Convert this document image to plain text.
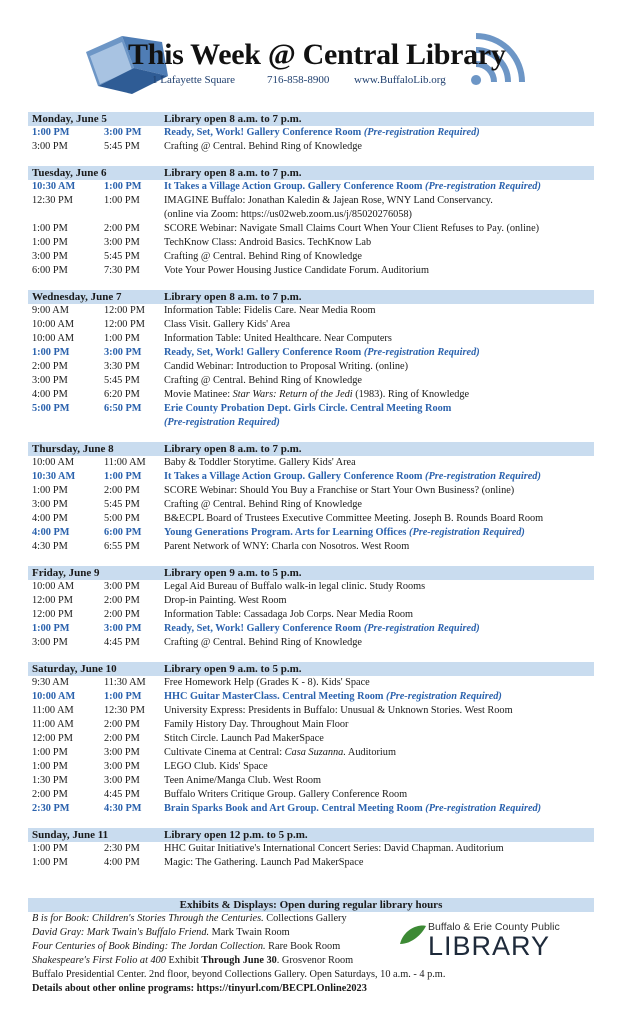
This Week @ Central Library
1 Lafayette Square	716-858-8900 www.BuffaloLib.org
Monday, June 5	Library open 8 a.m. to 7 p.m.
1:00 PM	3:00 PM Ready, Set, Work! Gallery Conference Room (Pre-registration Required)
3:00 PM	5:45 PM Crafting @ Central. Behind Ring of Knowledge
Tuesday, June 6	Library open 8 a.m. to 7 p.m.
10:30 AM	1:00 PM It Takes a Village Action Group. Gallery Conference Room (Pre-registration Required)
12:30 PM	1:00 PM IMAGINE Buffalo: Jonathan Kaledin & Jajean Rose, WNY Land Conservancy.
(online via Zoom: https://us02web.zoom.us/j/85020276058)
1:00 PM	2:00 PM SCORE Webinar: Navigate Small Claims Court When Your Client Refuses to Pay. (online)
1:00 PM	3:00 PM TechKnow Class: Android Basics. TechKnow Lab
3:00 PM	5:45 PM Crafting @ Central. Behind Ring of Knowledge
6:00 PM	7:30 PM Vote Your Power Housing Justice Candidate Forum. Auditorium
Wednesday, June 7	Library open 8 a.m. to 7 p.m.
9:00 AM	12:00 PM Information Table: Fidelis Care. Near Media Room
10:00 AM	12:00 PM Class Visit. Gallery Kids' Area
10:00 AM	1:00 PM Information Table: United Healthcare. Near Computers
1:00 PM	3:00 PM Ready, Set, Work! Gallery Conference Room (Pre-registration Required)
2:00 PM	3:30 PM Candid Webinar: Introduction to Proposal Writing. (online)
3:00 PM	5:45 PM Crafting @ Central. Behind Ring of Knowledge
4:00 PM	6:20 PM Movie Matinee: Star Wars: Return of the Jedi (1983). Ring of Knowledge
5:00 PM	6:50 PM Erie County Probation Dept. Girls Circle. Central Meeting Room
(Pre-registration Required)
Thursday, June 8	Library open 8 a.m. to 7 p.m.
10:00 AM	11:00 AM Baby & Toddler Storytime. Gallery Kids' Area
10:30 AM	1:00 PM It Takes a Village Action Group. Gallery Conference Room (Pre-registration Required)
1:00 PM	2:00 PM SCORE Webinar: Should You Buy a Franchise or Start Your Own Business? (online)
3:00 PM	5:45 PM Crafting @ Central. Behind Ring of Knowledge
4:00 PM	5:00 PM B&ECPL Board of Trustees Executive Committee Meeting. Joseph B. Rounds Board Room
4:00 PM	6:00 PM Young Generations Program. Arts for Learning Offices (Pre-registration Required)
4:30 PM	6:55 PM Parent Network of WNY: Charla con Nosotros. West Room
Friday, June 9	Library open 9 a.m. to 5 p.m.
10:00 AM	3:00 PM Legal Aid Bureau of Buffalo walk-in legal clinic. Study Rooms
12:00 PM	2:00 PM Drop-in Painting. West Room
12:00 PM	2:00 PM Information Table: Cassadaga Job Corps. Near Media Room
1:00 PM	3:00 PM Ready, Set, Work! Gallery Conference Room (Pre-registration Required)
3:00 PM	4:45 PM Crafting @ Central. Behind Ring of Knowledge
Saturday, June 10	Library open 9 a.m. to 5 p.m.
9:30 AM	11:30 AM Free Homework Help (Grades K - 8). Kids' Space
10:00 AM	1:00 PM HHC Guitar MasterClass. Central Meeting Room (Pre-registration Required)
11:00 AM	12:30 PM University Express: Presidents in Buffalo: Unusual & Unknown Stories. West Room
11:00 AM	2:00 PM Family History Day. Throughout Main Floor
12:00 PM	2:00 PM Stitch Circle. Launch Pad MakerSpace
1:00 PM	3:00 PM Cultivate Cinema at Central: Casa Suzanna. Auditorium
1:00 PM	3:00 PM LEGO Club. Kids' Space
1:30 PM	3:00 PM Teen Anime/Manga Club. West Room
2:00 PM	4:45 PM Buffalo Writers Critique Group. Gallery Conference Room
2:30 PM	4:30 PM Brain Sparks Book and Art Group. Central Meeting Room (Pre-registration Required)
Sunday, June 11	Library open 12 p.m. to 5 p.m.
1:00 PM	2:30 PM HHC Guitar Initiative's International Concert Series: David Chapman. Auditorium
1:00 PM	4:00 PM Magic: The Gathering. Launch Pad MakerSpace
Exhibits & Displays: Open during regular library hours
B is for Book: Children's Stories Through the Centuries. Collections Gallery
David Gray: Mark Twain's Buffalo Friend. Mark Twain Room
Four Centuries of Book Binding: The Jordan Collection. Rare Book Room
Shakespeare's First Folio at 400 Exhibit Through June 30. Grosvenor Room
Buffalo Presidential Center. 2nd floor, beyond Collections Gallery. Open Saturdays, 10 a.m. - 4 p.m.
Details about other online programs: https://tinyurl.com/BECPLOnline2023
Buffalo & Erie County Public
LIBRARY
